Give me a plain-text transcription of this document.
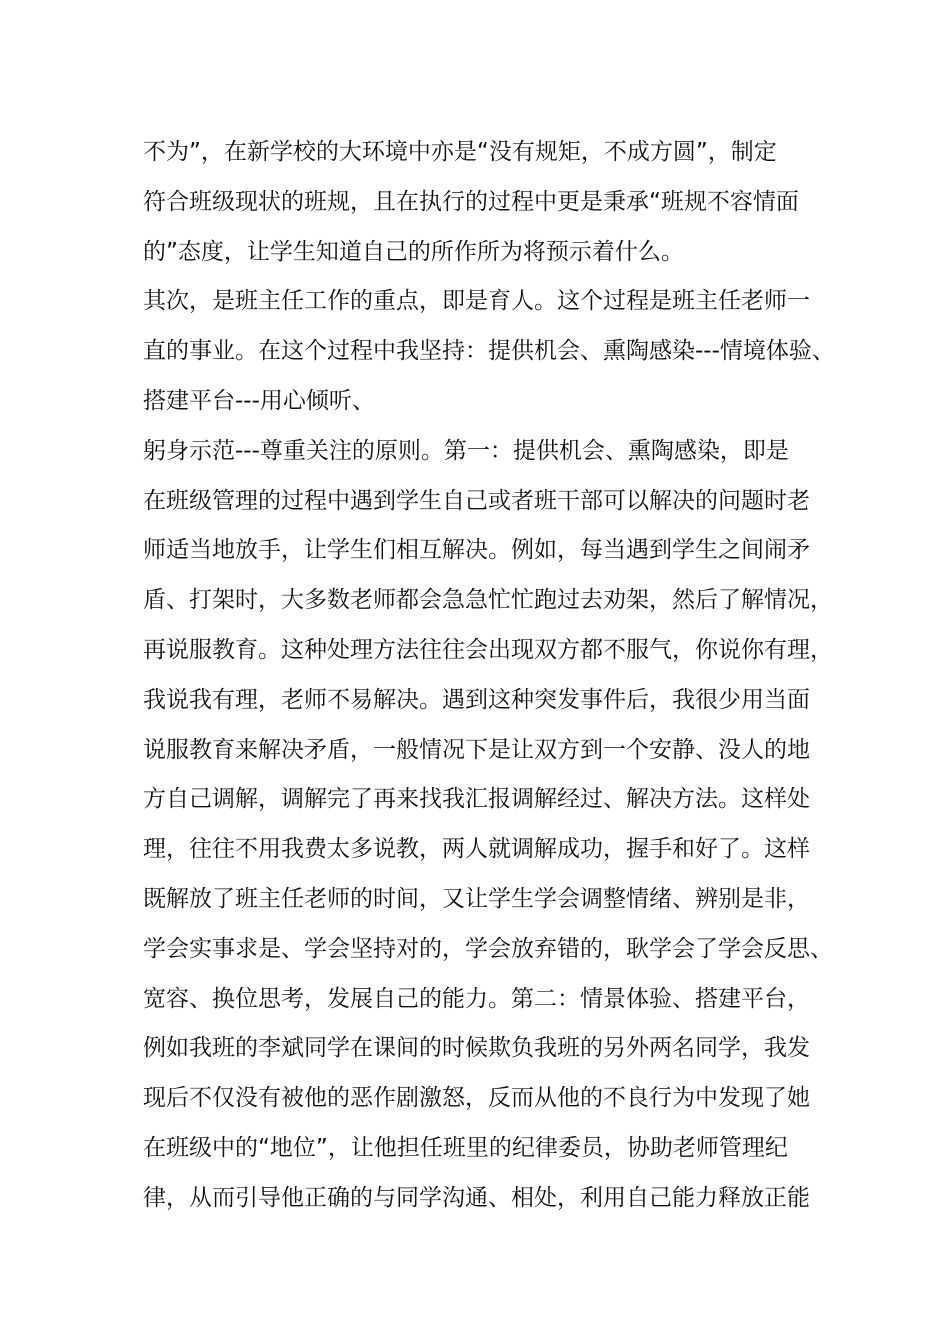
不为”，在新学校的大环境中亦是“没有规矩，不成方圆”，制定
符合班级现状的班规，且在执行的过程中更是秉承“班规不容情面
的”态度，让学生知道自己的所作所为将预示着什么。
其次，是班主任工作的重点，即是育人。这个过程是班主任老师一
直的事业。在这个过程中我坚持：提供机会、熏陶感染---情境体验、
搭建平台---用心倾听、
躬身示范---尊重关注的原则。第一：提供机会、熏陶感染，即是
在班级管理的过程中遇到学生自己或者班干部可以解决的问题时老
师适当地放手，让学生们相互解决。例如，每当遇到学生之间闹矛
盾、打架时，大多数老师都会急急忙忙跑过去劝架，然后了解情况，
再说服教育。这种处理方法往往会出现双方都不服气，你说你有理，
我说我有理，老师不易解决。遇到这种突发事件后，我很少用当面
说服教育来解决矛盾，一般情况下是让双方到一个安静、没人的地
方自己调解，调解完了再来找我汇报调解经过、解决方法。这样处
理，往往不用我费太多说教，两人就调解成功，握手和好了。这样
既解放了班主任老师的时间，又让学生学会调整情绪、辨别是非，
学会实事求是、学会坚持对的，学会放弃错的，耿学会了学会反思、
宽容、换位思考，发展自己的能力。第二：情景体验、搭建平台，
例如我班的李斌同学在课间的时候欺负我班的另外两名同学，我发
现后不仅没有被他的恶作剧激怒，反而从他的不良行为中发现了她
在班级中的“地位”，让他担任班里的纪律委员，协助老师管理纪
律，从而引导他正确的与同学沟通、相处，利用自己能力释放正能
